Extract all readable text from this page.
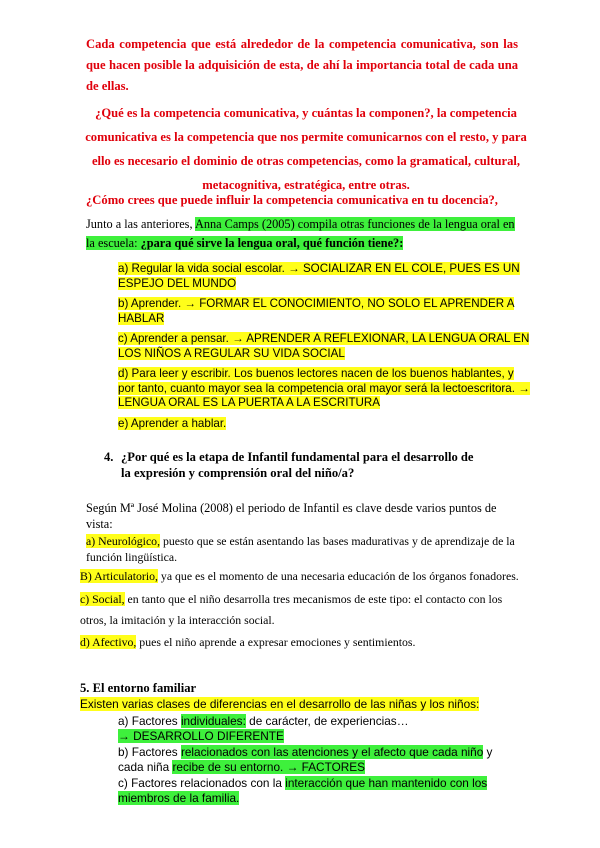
Cada competencia que está alrededor de la competencia comunicativa, son las que hacen posible la adquisición de esta, de ahí la importancia total de cada una de ellas.

¿Qué es la competencia comunicativa, y cuántas la componen?, la competencia comunicativa es la competencia que nos permite comunicarnos con el resto, y para ello es necesario el dominio de otras competencias, como la gramatical, cultural, metacognitiva, estratégica, entre otras.

¿Cómo crees que puede influir la competencia comunicativa en tu docencia?,

Junto a las anteriores, Anna Camps (2005) compila otras funciones de la lengua oral en la escuela: ¿para qué sirve la lengua oral, qué función tiene?:

a) Regular la vida social escolar. → SOCIALIZAR EN EL COLE, PUES ES UN ESPEJO DEL MUNDO

b) Aprender. → FORMAR EL CONOCIMIENTO, NO SOLO EL APRENDER A HABLAR

c) Aprender a pensar. → APRENDER A REFLEXIONAR, LA LENGUA ORAL EN LOS NIÑOS A REGULAR SU VIDA SOCIAL

d) Para leer y escribir. Los buenos lectores nacen de los buenos hablantes, y por tanto, cuanto mayor sea la competencia oral mayor será la lectoescritora. → LENGUA ORAL ES LA PUERTA A LA ESCRITURA

e) Aprender a hablar.

4. ¿Por qué es la etapa de Infantil fundamental para el desarrollo de la expresión y comprensión oral del niño/a?

Según Mª José Molina (2008) el periodo de Infantil es clave desde varios puntos de vista:

a) Neurológico, puesto que se están asentando las bases madurativas y de aprendizaje de la función lingüística.

B) Articulatorio, ya que es el momento de una necesaria educación de los órganos fonadores.

c) Social, en tanto que el niño desarrolla tres mecanismos de este tipo: el contacto con los otros, la imitación y la interacción social.

d) Afectivo, pues el niño aprende a expresar emociones y sentimientos.

5. El entorno familiar

Existen varias clases de diferencias en el desarrollo de las niñas y los niños:

a) Factores individuales: de carácter, de experiencias…

→ DESARROLLO DIFERENTE

b) Factores relacionados con las atenciones y el afecto que cada niño y cada niña recibe de su entorno. → FACTORES

c) Factores relacionados con la interacción que han mantenido con los miembros de la familia.
